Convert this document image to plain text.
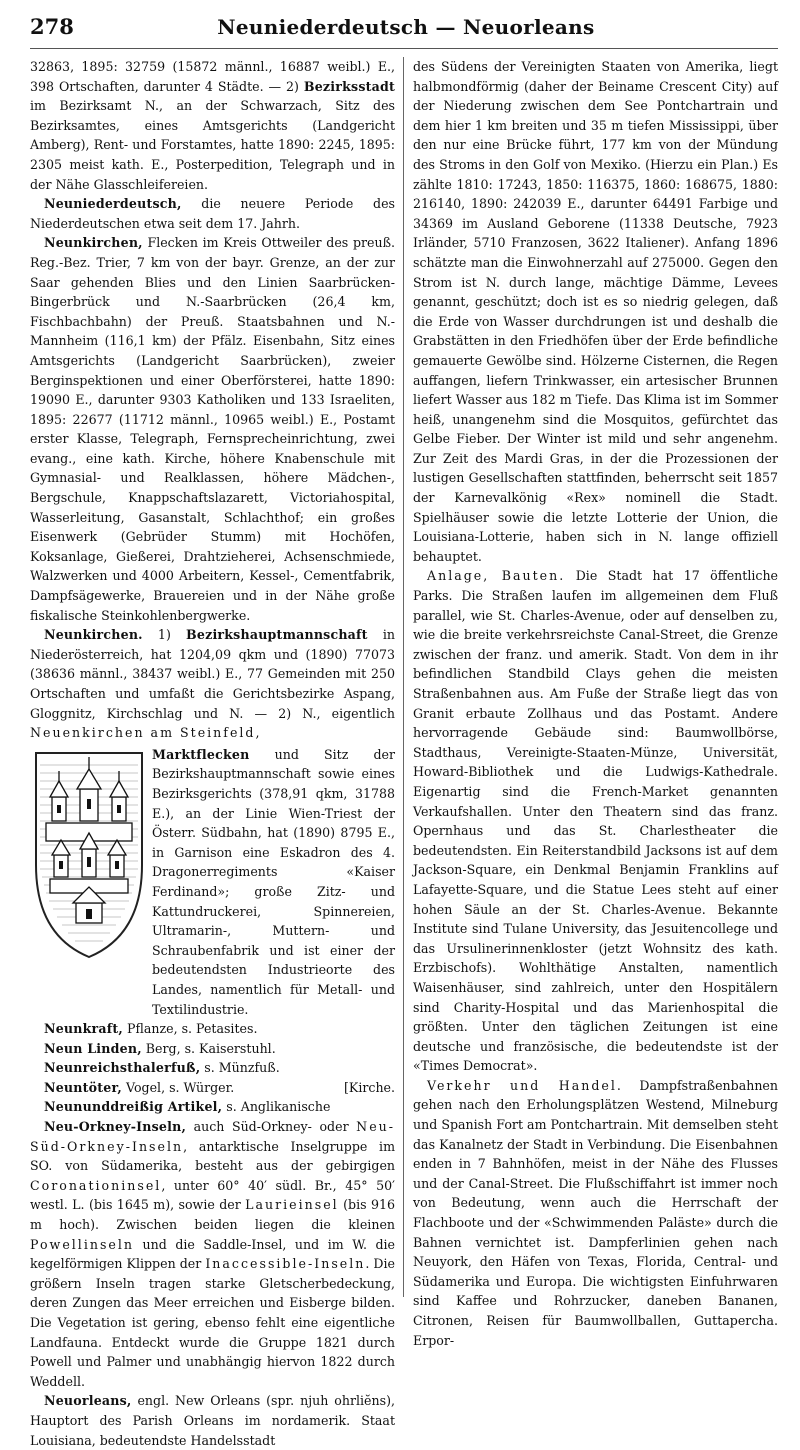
278	Neuniederdeutsch — Neuorleans

32863, 1895: 32759 (15872 männl., 16887 weibl.) E., 398 Ortschaften, darunter 4 Städte. — 2) Bezirksstadt im Bezirksamt N., an der Schwarzach, Sitz des Bezirksamtes, eines Amtsgerichts (Landgericht Amberg), Rent- und Forstamtes, hatte 1890: 2245, 1895: 2305 meist kath. E., Posterpedition, Telegraph und in der Nähe Glasschleifereien.

Neuniederdeutsch, die neuere Periode des Niederdeutschen etwa seit dem 17. Jahrh.

Neunkirchen, Flecken im Kreis Ottweiler des preuß. Reg.-Bez. Trier, 7 km von der bayr. Grenze, an der zur Saar gehenden Blies und den Linien Saarbrücken-Bingerbrück und N.-Saarbrücken (26,4 km, Fischbachbahn) der Preuß. Staatsbahnen und N.-Mannheim (116,1 km) der Pfälz. Eisenbahn, Sitz eines Amtsgerichts (Landgericht Saarbrücken), zweier Berginspektionen und einer Oberförsterei, hatte 1890: 19090 E., darunter 9303 Katholiken und 133 Israeliten, 1895: 22677 (11712 männl., 10965 weibl.) E., Postamt erster Klasse, Telegraph, Fernsprecheinrichtung, zwei evang., eine kath. Kirche, höhere Knabenschule mit Gymnasial- und Realklassen, höhere Mädchen-, Bergschule, Knappschaftslazarett, Victoriahospital, Wasserleitung, Gasanstalt, Schlachthof; ein großes Eisenwerk (Gebrüder Stumm) mit Hochöfen, Koksanlage, Gießerei, Drahtzieherei, Achsenschmiede, Walzwerken und 4000 Arbeitern, Kessel-, Cementfabrik, Dampfsägewerke, Brauereien und in der Nähe große fiskalische Steinkohlenbergwerke.

Neunkirchen. 1) Bezirkshauptmannschaft in Niederösterreich, hat 1204,09 qkm und (1890) 77073 (38636 männl., 38437 weibl.) E., 77 Gemeinden mit 250 Ortschaften und umfaßt die Gerichtsbezirke Aspang, Gloggnitz, Kirchschlag und N. — 2) N., eigentlich Neuenkirchen am Steinfeld,

Marktflecken und Sitz der Bezirkshauptmannschaft sowie eines Bezirksgerichts (378,91 qkm, 31788 E.), an der Linie Wien-Triest der Österr. Südbahn, hat (1890) 8795 E., in Garnison eine Eskadron des 4. Dragonerregiments «Kaiser Ferdinand»; große Zitz- und Kattundruckerei, Spinnereien, Ultramarin-, Muttern- und Schraubenfabrik und ist einer der bedeutendsten Industrieorte des Landes, namentlich für Metall- und Textilindustrie.

Neunkraft, Pflanze, s. Petasites.

Neun Linden, Berg, s. Kaiserstuhl.

Neunreichsthalerfuß, s. Münzfuß.

Neuntöter, Vogel, s. Würger.	[Kirche.

Neununddreißig Artikel, s. Anglikanische

Neu-Orkney-Inseln, auch Süd-Orkney- oder Neu-Süd-Orkney-Inseln, antarktische Inselgruppe im SO. von Südamerika, besteht aus der gebirgigen Coronationinsel, unter 60° 40′ südl. Br., 45° 50′ westl. L. (bis 1645 m), sowie der Laurieinsel (bis 916 m hoch). Zwischen beiden liegen die kleinen Powellinseln und die Saddle-Insel, und im W. die kegelförmigen Klippen der Inaccessible-Inseln. Die größern Inseln tragen starke Gletscherbedeckung, deren Zungen das Meer erreichen und Eisberge bilden. Die Vegetation ist gering, ebenso fehlt eine eigentliche Landfauna. Entdeckt wurde die Gruppe 1821 durch Powell und Palmer und unabhängig hiervon 1822 durch Weddell.

Neuorleans, engl. New Orleans (spr. njuh ohrliĕns), Hauptort des Parish Orleans im nordamerik. Staat Louisiana, bedeutendste Handelsstadt

des Südens der Vereinigten Staaten von Amerika, liegt halbmondförmig (daher der Beiname Crescent City) auf der Niederung zwischen dem See Pontchartrain und dem hier 1 km breiten und 35 m tiefen Mississippi, über den nur eine Brücke führt, 177 km von der Mündung des Stroms in den Golf von Mexiko. (Hierzu ein Plan.) Es zählte 1810: 17243, 1850: 116375, 1860: 168675, 1880: 216140, 1890: 242039 E., darunter 64491 Farbige und 34369 im Ausland Geborene (11338 Deutsche, 7923 Irländer, 5710 Franzosen, 3622 Italiener). Anfang 1896 schätzte man die Einwohnerzahl auf 275000. Gegen den Strom ist N. durch lange, mächtige Dämme, Levees genannt, geschützt; doch ist es so niedrig gelegen, daß die Erde von Wasser durchdrungen ist und deshalb die Grabstätten in den Friedhöfen über der Erde befindliche gemauerte Gewölbe sind. Hölzerne Cisternen, die Regen auffangen, liefern Trinkwasser, ein artesischer Brunnen liefert Wasser aus 182 m Tiefe. Das Klima ist im Sommer heiß, unangenehm sind die Mosquitos, gefürchtet das Gelbe Fieber. Der Winter ist mild und sehr angenehm. Zur Zeit des Mardi Gras, in der die Prozessionen der lustigen Gesellschaften stattfinden, beherrscht seit 1857 der Karnevalkönig «Rex» nominell die Stadt. Spielhäuser sowie die letzte Lotterie der Union, die Louisiana-Lotterie, haben sich in N. lange offiziell behauptet.

Anlage, Bauten. Die Stadt hat 17 öffentliche Parks. Die Straßen laufen im allgemeinen dem Fluß parallel, wie St. Charles-Avenue, oder auf denselben zu, wie die breite verkehrsreichste Canal-Street, die Grenze zwischen der franz. und amerik. Stadt. Von dem in ihr befindlichen Standbild Clays gehen die meisten Straßenbahnen aus. Am Fuße der Straße liegt das von Granit erbaute Zollhaus und das Postamt. Andere hervorragende Gebäude sind: Baumwollbörse, Stadthaus, Vereinigte-Staaten-Münze, Universität, Howard-Bibliothek und die Ludwigs-Kathedrale. Eigenartig sind die French-Market genannten Verkaufshallen. Unter den Theatern sind das franz. Opernhaus und das St. Charlestheater die bedeutendsten. Ein Reiterstandbild Jacksons ist auf dem Jackson-Square, ein Denkmal Benjamin Franklins auf Lafayette-Square, und die Statue Lees steht auf einer hohen Säule an der St. Charles-Avenue. Bekannte Institute sind Tulane University, das Jesuitencollege und das Ursulinerinnenkloster (jetzt Wohnsitz des kath. Erzbischofs). Wohlthätige Anstalten, namentlich Waisenhäuser, sind zahlreich, unter den Hospitälern sind Charity-Hospital und das Marienhospital die größten. Unter den täglichen Zeitungen ist eine deutsche und französische, die bedeutendste ist der «Times Democrat».

Verkehr und Handel. Dampfstraßenbahnen gehen nach den Erholungsplätzen Westend, Milneburg und Spanish Fort am Pontchartrain. Mit demselben steht das Kanalnetz der Stadt in Verbindung. Die Eisenbahnen enden in 7 Bahnhöfen, meist in der Nähe des Flusses und der Canal-Street. Die Flußschiffahrt ist immer noch von Bedeutung, wenn auch die Herrschaft der Flachboote und der «Schwimmenden Paläste» durch die Bahnen vernichtet ist. Dampferlinien gehen nach Neuyork, den Häfen von Texas, Florida, Central- und Südamerika und Europa. Die wichtigsten Einfuhrwaren sind Kaffee und Rohrzucker, daneben Bananen, Citronen, Reisen für Baumwollballen, Guttapercha. Erpor-
